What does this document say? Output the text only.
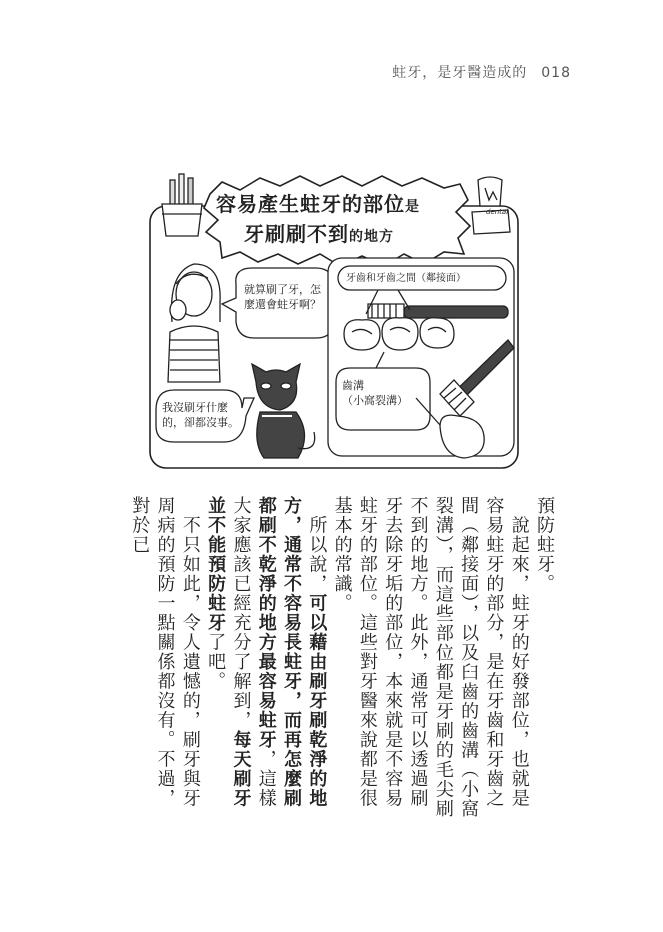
蛀牙，是牙醫造成的 018
容易產生蛀牙的部位是
牙刷刷不到的地方
就算刷了牙，怎麼還會蛀牙啊？
我沒刷牙什麼的，卻都沒事。
牙齒和牙齒之間（鄰接面）
齒溝
（小窩裂溝）
dental

預防蛀牙。

　說起來，蛀牙的好發部位，也就是容易蛀牙的部分，是在牙齒和牙齒之間（鄰接面），以及臼齒的齒溝（小窩裂溝），而這些部位都是牙刷的毛尖刷不到的地方。此外，通常可以透過刷牙去除牙垢的部位，本來就是不容易蛀牙的部位。這些對牙醫來說都是很基本的常識。

　所以說，可以藉由刷牙刷乾淨的地方，通常不容易長蛀牙，而再怎麼刷都刷不乾淨的地方最容易蛀牙，這樣大家應該已經充分了解到，每天刷牙並不能預防蛀牙了吧。

　不只如此，令人遺憾的，刷牙與牙周病的預防一點關係都沒有。不過，對於已
